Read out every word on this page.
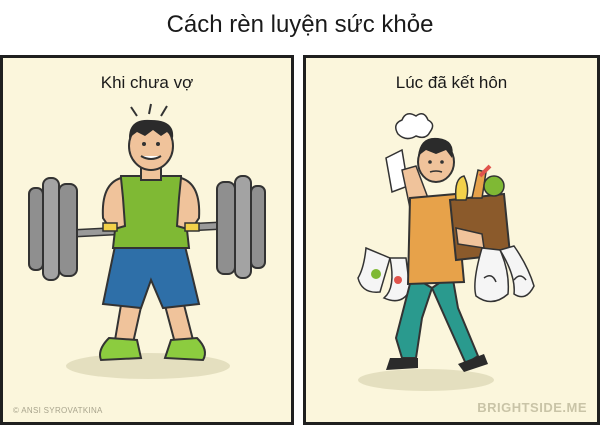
Cách rèn luyện sức khỏe
Khi chưa vợ
© ANSI SYROVATKINA
Lúc đã kết hôn
BRIGHTSIDE.ME
